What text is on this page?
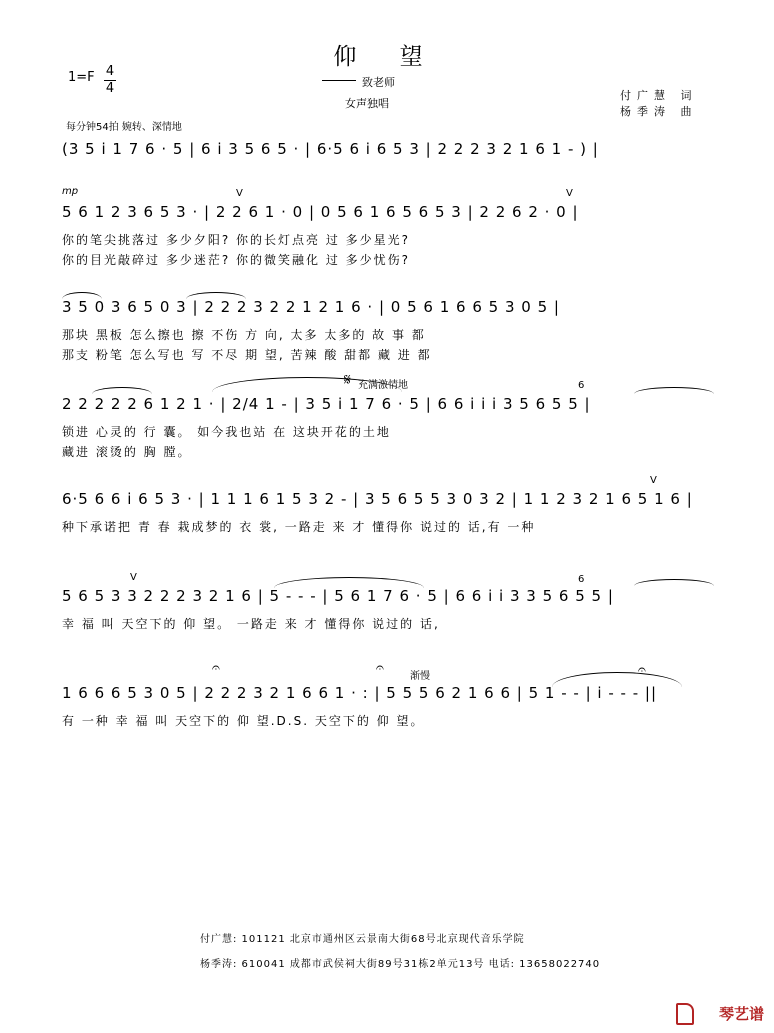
仰 望
$1=F \frac{4}{4}$	致老师
女声独唱
付广慧 词
杨季涛 曲
每分钟54拍 婉转、深情地
(3 5 i 1 7 6 · 5 | 6 i 3 5 6 5 · | 6·5 6 i 6 5 3 | 2 2 2 3 2 1 6 1 - ) |
mp	V	V
5 6 1 2 3 6 5 3 · | 2 2 6 1 · 0 | 0 5 6 1 6 5 6 5 3 | 2 2 6 2 · 0 |
你的笔尖挑落过 多少夕阳? 你的长灯点亮 过 多少星光?
你的目光敲碎过 多少迷茫? 你的微笑融化 过 多少忧伤?
3 5 0 3 6 5 0 3 | 2 2 2 3 2 2 1 2 1 6 · | 0 5 6 1 6 6 5 3 0 5 |
那块 黑板 怎么擦也 擦 不伤 方 向, 太多 太多的 故 事 都
那支 粉笔 怎么写也 写 不尽 期 望, 苦辣 酸 甜都 藏 进 都
𝄋 充满激情地	6
2 2 2 2 2 6 1 2 1 · | 2/4 1 - | 3 5 i 1 7 6 · 5 | 6 6 i i i 3 5 6 5 5 |
锁进 心灵的 行 囊。 如今我也站 在 这块开花的土地
藏进 滚烫的 胸 膛。
V
6·5 6 6 i 6 5 3 · | 1 1 1 6 1 5 3 2 - | 3 5 6 5 5 3 0 3 2 | 1 1 2 3 2 1 6 5 1 6 |
种下承诺把 青 春 栽成梦的 衣 裳, 一路走 来 才 懂得你 说过的 话,有 一种
V	6
5 6 5 3 3 2 2 2 3 2 1 6 | 5 - - - | 5 6 1 7 6 · 5 | 6 6 i i 3 3 5 6 5 5 |
幸 福 叫 天空下的 仰 望。 一路走 来 才 懂得你 说过的 话,
𝄐	𝄐
渐慢	𝄐
1 6 6 6 5 3 0 5 | 2 2 2 3 2 1 6 6 1 · : | 5 5 5 6 2 1 6 6 | 5 1 - - | i - - - ||
有 一种 幸 福 叫 天空下的 仰 望.D.S. 天空下的 仰 望。
付广慧: 101121 北京市通州区云景南大街68号北京现代音乐学院
杨季涛: 610041 成都市武侯祠大街89号31栋2单元13号 电话: 13658022740
琴艺谱
